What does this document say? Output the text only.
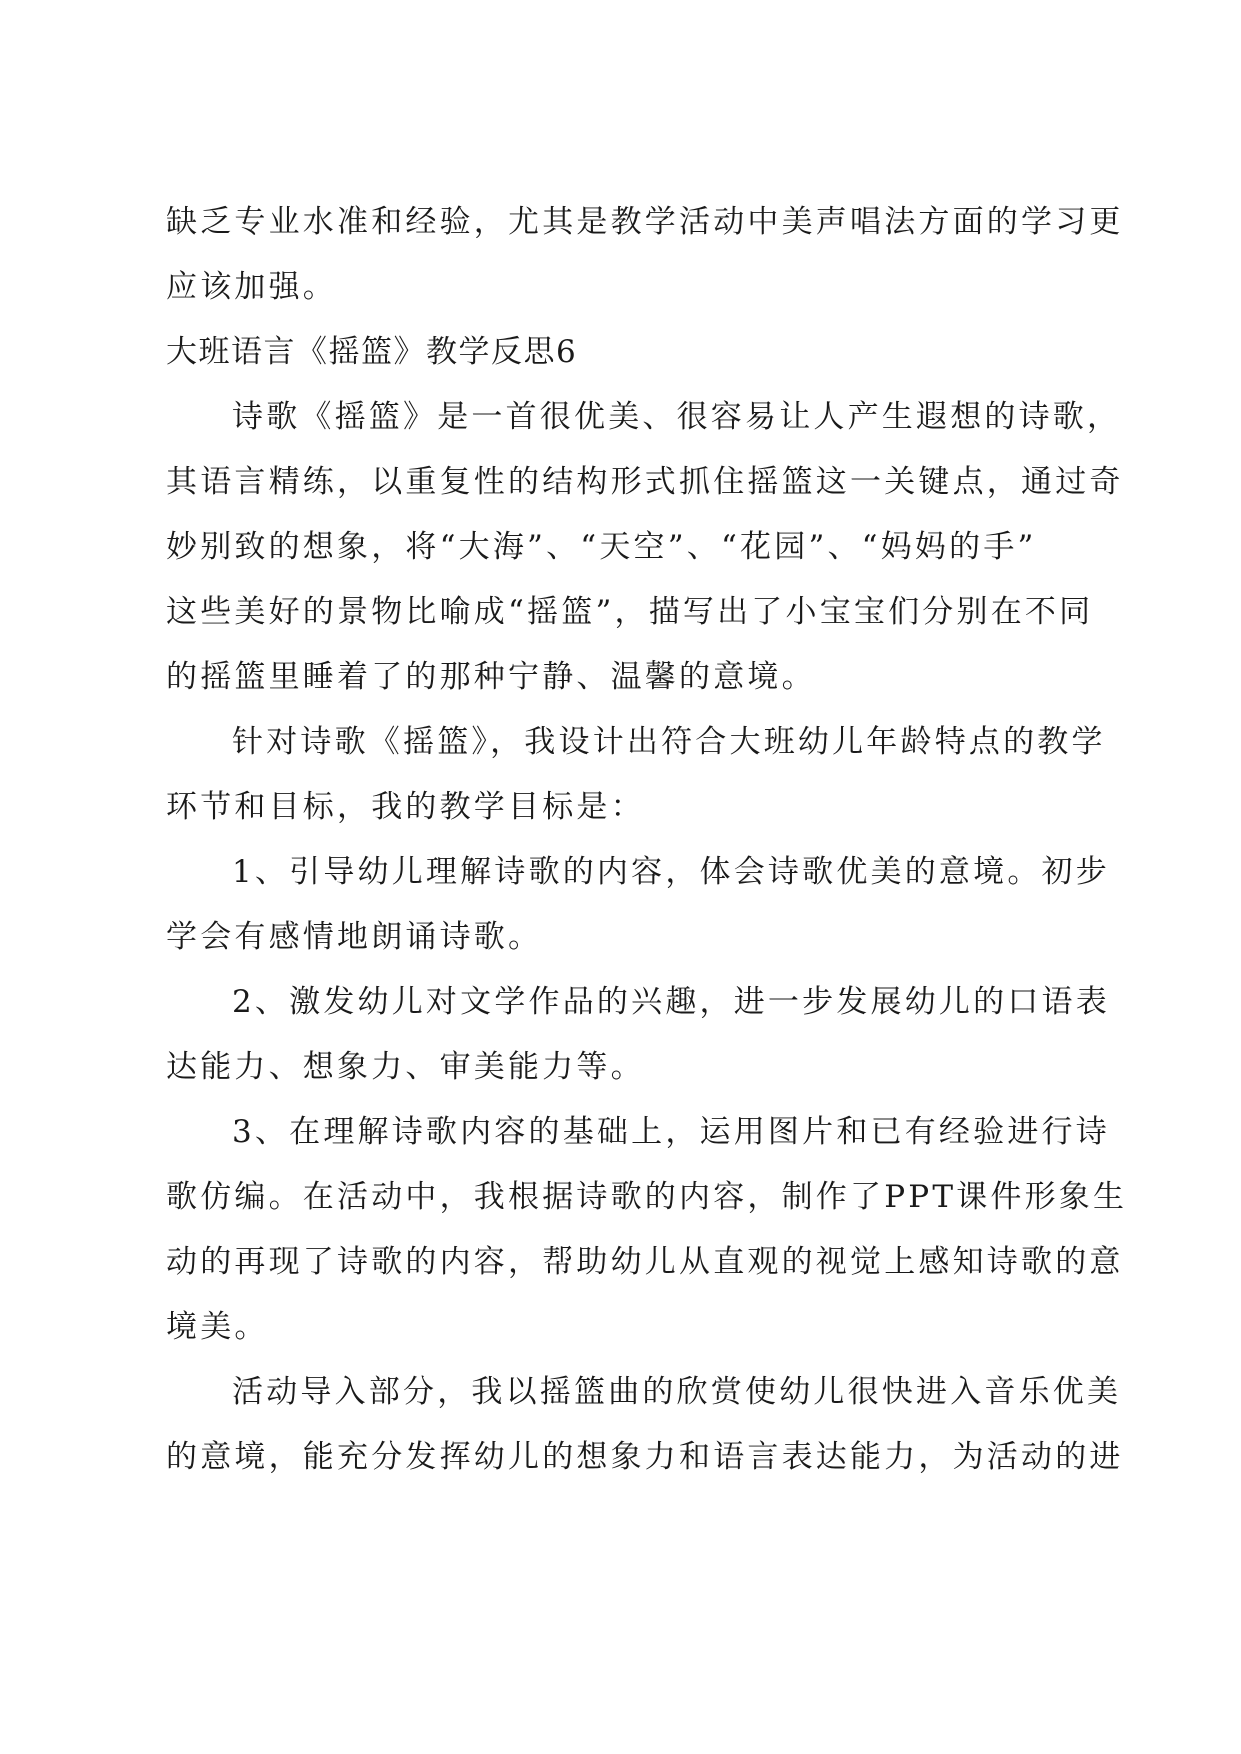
缺乏专业水准和经验，尤其是教学活动中美声唱法方面的学习更
应该加强。
大班语言《摇篮》教学反思6
诗歌《摇篮》是一首很优美、很容易让人产生遐想的诗歌，
其语言精练，以重复性的结构形式抓住摇篮这一关键点，通过奇
妙别致的想象，将“大海”、“天空”、“花园”、“妈妈的手”
这些美好的景物比喻成“摇篮”，描写出了小宝宝们分别在不同
的摇篮里睡着了的那种宁静、温馨的意境。
针对诗歌《摇篮》，我设计出符合大班幼儿年龄特点的教学
环节和目标，我的教学目标是：
1、引导幼儿理解诗歌的内容，体会诗歌优美的意境。初步
学会有感情地朗诵诗歌。
2、激发幼儿对文学作品的兴趣，进一步发展幼儿的口语表
达能力、想象力、审美能力等。
3、在理解诗歌内容的基础上，运用图片和已有经验进行诗
歌仿编。在活动中，我根据诗歌的内容，制作了PPT课件形象生
动的再现了诗歌的内容，帮助幼儿从直观的视觉上感知诗歌的意
境美。
活动导入部分，我以摇篮曲的欣赏使幼儿很快进入音乐优美
的意境，能充分发挥幼儿的想象力和语言表达能力，为活动的进
